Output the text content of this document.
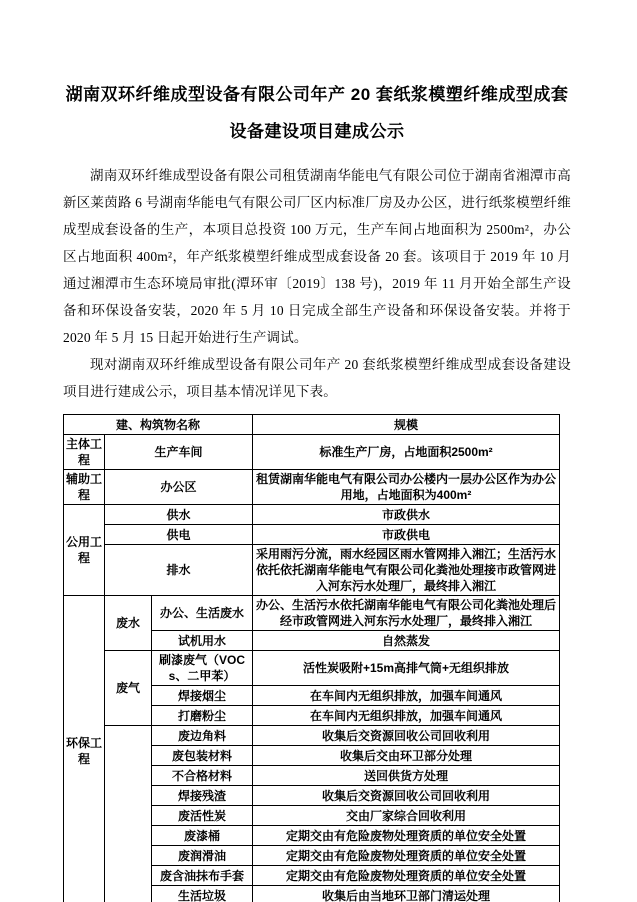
湖南双环纤维成型设备有限公司年产 20 套纸浆模塑纤维成型成套设备建设项目建成公示

湖南双环纤维成型设备有限公司租赁湖南华能电气有限公司位于湖南省湘潭市高新区莱茵路 6 号湖南华能电气有限公司厂区内标准厂房及办公区，进行纸浆模塑纤维成型成套设备的生产，本项目总投资 100 万元，生产车间占地面积为 2500m²，办公区占地面积 400m²，年产纸浆模塑纤维成型成套设备 20 套。该项目于 2019 年 10 月通过湘潭市生态环境局审批(潭环审〔2019〕138 号)，2019 年 11 月开始全部生产设备和环保设备安装，2020 年 5 月 10 日完成全部生产设备和环保设备安装。并将于 2020 年 5 月 15 日起开始进行生产调试。

现对湖南双环纤维成型设备有限公司年产 20 套纸浆模塑纤维成型成套设备建设项目进行建成公示，项目基本情况详见下表。

建、构筑物名称			规模
主体工程	生产车间		标准生产厂房，占地面积2500m²
辅助工程	办公区		租赁湖南华能电气有限公司办公楼内一层办公区作为办公用地，占地面积为400m²
公用工程	供水		市政供水
	供电		市政供电
	排水		采用雨污分流，雨水经园区雨水管网排入湘江；生活污水依托依托湖南华能电气有限公司化粪池处理接市政管网进入河东污水处理厂，最终排入湘江
环保工程	废水	办公、生活废水	办公、生活污水依托湖南华能电气有限公司化粪池处理后经市政管网进入河东污水处理厂，最终排入湘江
		试机用水	自然蒸发
	废气	刷漆废气（VOCs、二甲苯）	活性炭吸附+15m高排气筒+无组织排放
		焊接烟尘	在车间内无组织排放，加强车间通风
		打磨粉尘	在车间内无组织排放，加强车间通风
		废边角料	收集后交资源回收公司回收利用
		废包装材料	收集后交由环卫部分处理
		不合格材料	送回供货方处理
		焊接残渣	收集后交资源回收公司回收利用
		废活性炭	交由厂家综合回收利用
		废漆桶	定期交由有危险废物处理资质的单位安全处置
		废润滑油	定期交由有危险废物处理资质的单位安全处置
		废含油抹布手套	定期交由有危险废物处理资质的单位安全处置
		生活垃圾	收集后由当地环卫部门清运处理
